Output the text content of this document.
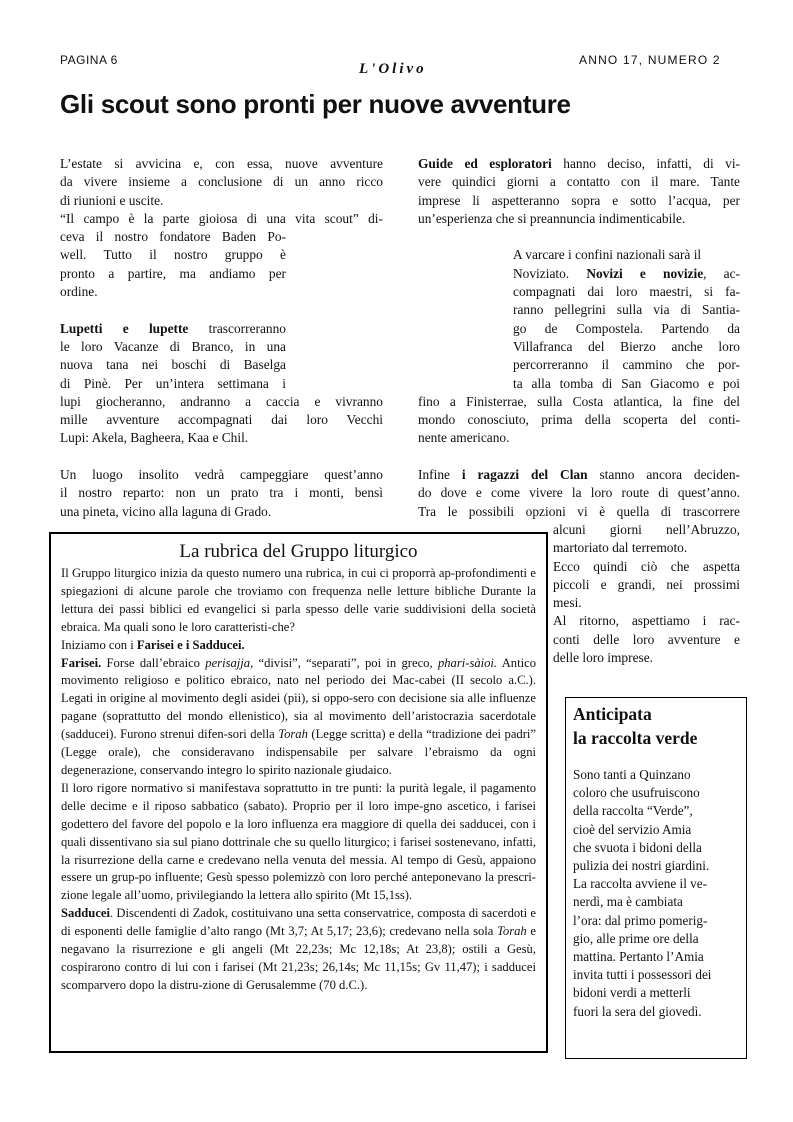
PAGINA 6
L'Olivo
ANNO 17, NUMERO 2
Gli scout sono pronti per nuove avventure
L’estate si avvicina e, con essa, nuove avventure
da vivere insieme a conclusione di un anno ricco
di riunioni e uscite.
“Il campo è la parte gioiosa di una vita scout” di-
ceva il nostro fondatore Baden Po-
well. Tutto il nostro gruppo è
pronto a partire, ma andiamo per
ordine.
Lupetti e lupette trascorreranno
le loro Vacanze di Branco, in una
nuova tana nei boschi di Baselga
di Pinè. Per un’intera settimana i
lupi giocheranno, andranno a caccia e vivranno
mille avventure accompagnati dai loro Vecchi
Lupi: Akela, Bagheera, Kaa e Chil.
Un luogo insolito vedrà campeggiare quest’anno
il nostro reparto: non un prato tra i monti, bensì
una pineta, vicino alla laguna di Grado.
Guide ed esploratori hanno deciso, infatti, di vi-
vere quindici giorni a contatto con il mare. Tante
imprese li aspetteranno sopra e sotto l’acqua, per
un’esperienza che si preannuncia indimenticabile.
A varcare i confini nazionali sarà il
Noviziato. Novizi e novizie, ac-
compagnati dai loro maestri, si fa-
ranno pellegrini sulla via di Santia-
go de Compostela. Partendo da
Villafranca del Bierzo anche loro
percorreranno il cammino che por-
ta alla tomba di San Giacomo e poi
fino a Finisterrae, sulla Costa atlantica, la fine del
mondo conosciuto, prima della scoperta del conti-
nente americano.
Infine i ragazzi del Clan stanno ancora deciden-
do dove e come vivere la loro route di quest’anno.
Tra le possibili opzioni vi è quella di trascorrere
alcuni giorni nell’Abruzzo,
martoriato dal terremoto.
Ecco quindi ciò che aspetta
piccoli e grandi, nei prossimi
mesi.
Al ritorno, aspettiamo i rac-
conti delle loro avventure e
delle loro imprese.
La rubrica del Gruppo liturgico

Il Gruppo liturgico inizia da questo numero una rubrica, in cui ci proporrà ap-profondimenti e spiegazioni di alcune parole che troviamo con frequenza nelle letture bibliche Durante la lettura dei passi biblici ed evangelici si parla spesso delle varie suddivisioni della società ebraica. Ma quali sono le loro caratteristi-che?

Iniziamo con i Farisei e i Sadducei.

Farisei. Forse dall’ebraico perisajja, “divisi”, “separati”, poi in greco, phari-sàioi. Antico movimento religioso e politico ebraico, nato nel periodo dei Mac-cabei (II secolo a.C.). Legati in origine al movimento degli asidei (pii), si oppo-sero con decisione sia alle influenze pagane (soprattutto del mondo ellenistico), sia al movimento dell’aristocrazia sacerdotale (sadducei). Furono strenui difen-sori della Torah (Legge scritta) e della “tradizione dei padri” (Legge orale), che consideravano indispensabile per salvare l’ebraismo da ogni degenerazione, conservando integro lo spirito nazionale giudaico.

Il loro rigore normativo si manifestava soprattutto in tre punti: la purità legale, il pagamento delle decime e il riposo sabbatico (sabato). Proprio per il loro impe-gno ascetico, i farisei godettero del favore del popolo e la loro influenza era maggiore di quella dei sadducei, con i quali dissentivano sia sul piano dottrinale che su quello liturgico; i farisei sostenevano, infatti, la risurrezione della carne e credevano nella venuta del messia. Al tempo di Gesù, appaiono essere un grup-po influente; Gesù spesso polemizzò con loro perché anteponevano la prescri-zione legale all’uomo, privilegiando la lettera allo spirito (Mt 15,1ss).

Sadducei. Discendenti di Zadok, costituivano una setta conservatrice, composta di sacerdoti e di esponenti delle famiglie d’alto rango (Mt 3,7; At 5,17; 23,6); credevano nella sola Torah e negavano la risurrezione e gli angeli (Mt 22,23s; Mc 12,18s; At 23,8); ostili a Gesù, cospirarono contro di lui con i farisei (Mt 21,23s; 26,14s; Mc 11,15s; Gv 11,47); i sadducei scomparvero dopo la distru-zione di Gerusalemme (70 d.C.).

Anticipata
la raccolta verde
Sono tanti a Quinzano
coloro che usufruiscono
della raccolta “Verde”,
cioè del servizio Amia
che svuota i bidoni della
pulizia dei nostri giardini.
La raccolta avviene il ve-
nerdì, ma è cambiata
l’ora: dal primo pomerig-
gio, alle prime ore della
mattina. Pertanto l’Amia
invita tutti i possessori dei
bidoni verdi a metterli
fuori la sera del giovedì.
